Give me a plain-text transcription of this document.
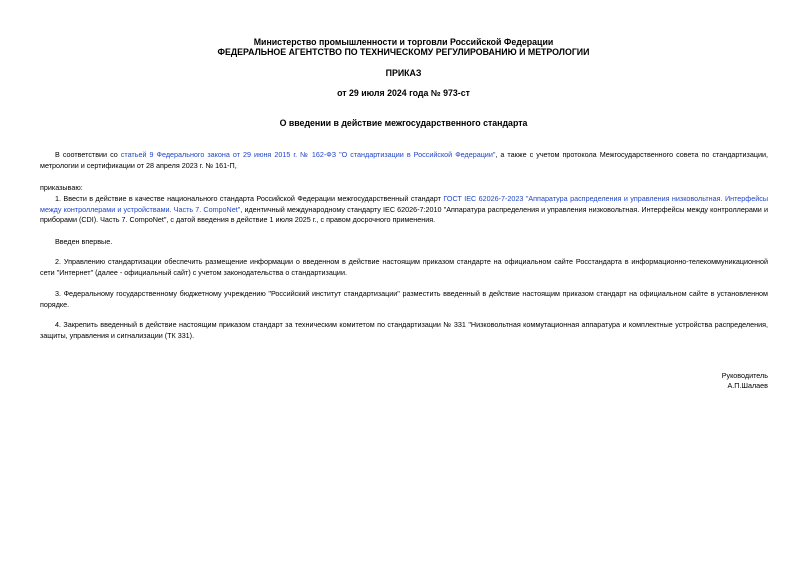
Министерство промышленности и торговли Российской Федерации
ФЕДЕРАЛЬНОЕ АГЕНТСТВО ПО ТЕХНИЧЕСКОМУ РЕГУЛИРОВАНИЮ И МЕТРОЛОГИИ
ПРИКАЗ
от 29 июля 2024 года № 973-ст
О введении в действие межгосударственного стандарта

В соответствии со статьей 9 Федерального закона от 29 июня 2015 г. № 162-ФЗ "О стандартизации в Российской Федерации", а также с учетом протокола Межгосударственного совета по стандартизации, метрологии и сертификации от 28 апреля 2023 г. № 161-П,

приказываю:

1. Ввести в действие в качестве национального стандарта Российской Федерации межгосударственный стандарт ГОСТ IEC 62026-7-2023 "Аппаратура распределения и управления низковольтная. Интерфейсы между контроллерами и устройствами. Часть 7. CompoNet", идентичный международному стандарту IEC 62026-7:2010 "Аппаратура распределения и управления низковольтная. Интерфейсы между контроллерами и приборами (CDI). Часть 7. CompoNet", с датой введения в действие 1 июля 2025 г., с правом досрочного применения.

Введен впервые.

2. Управлению стандартизации обеспечить размещение информации о введенном в действие настоящим приказом стандарте на официальном сайте Росстандарта в информационно-телекоммуникационной сети "Интернет" (далее - официальный сайт) с учетом законодательства о стандартизации.

3. Федеральному государственному бюджетному учреждению "Российский институт стандартизации" разместить введенный в действие настоящим приказом стандарт на официальном сайте в установленном порядке.

4. Закрепить введенный в действие настоящим приказом стандарт за техническим комитетом по стандартизации № 331 "Низковольтная коммутационная аппаратура и комплектные устройства распределения, защиты, управления и сигнализации (ТК 331).

Руководитель
А.П.Шалаев
